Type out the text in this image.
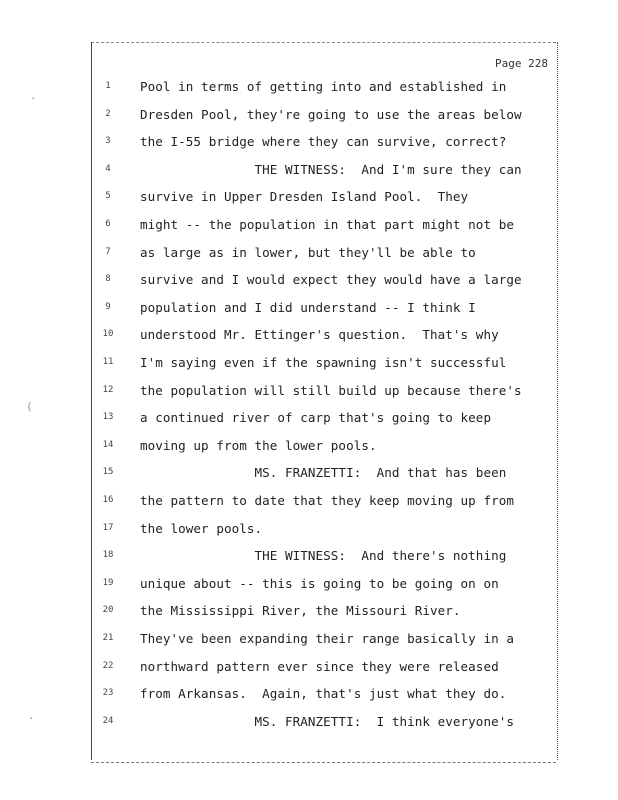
Page 228
1	Pool in terms of getting into and established in
2	Dresden Pool, they're going to use the areas below
3	the I-55 bridge where they can survive, correct?
4	THE WITNESS:  And I'm sure they can
5	survive in Upper Dresden Island Pool.  They
6	might -- the population in that part might not be
7	as large as in lower, but they'll be able to
8	survive and I would expect they would have a large
9	population and I did understand -- I think I
10	understood Mr. Ettinger's question.  That's why
11	I'm saying even if the spawning isn't successful
12	the population will still build up because there's
13	a continued river of carp that's going to keep
14	moving up from the lower pools.
15	MS. FRANZETTI:  And that has been
16	the pattern to date that they keep moving up from
17	the lower pools.
18	THE WITNESS:  And there's nothing
19	unique about -- this is going to be going on on
20	the Mississippi River, the Missouri River.
21	They've been expanding their range basically in a
22	northward pattern ever since they were released
23	from Arkansas.  Again, that's just what they do.
24	MS. FRANZETTI:  I think everyone's
·
(
·
